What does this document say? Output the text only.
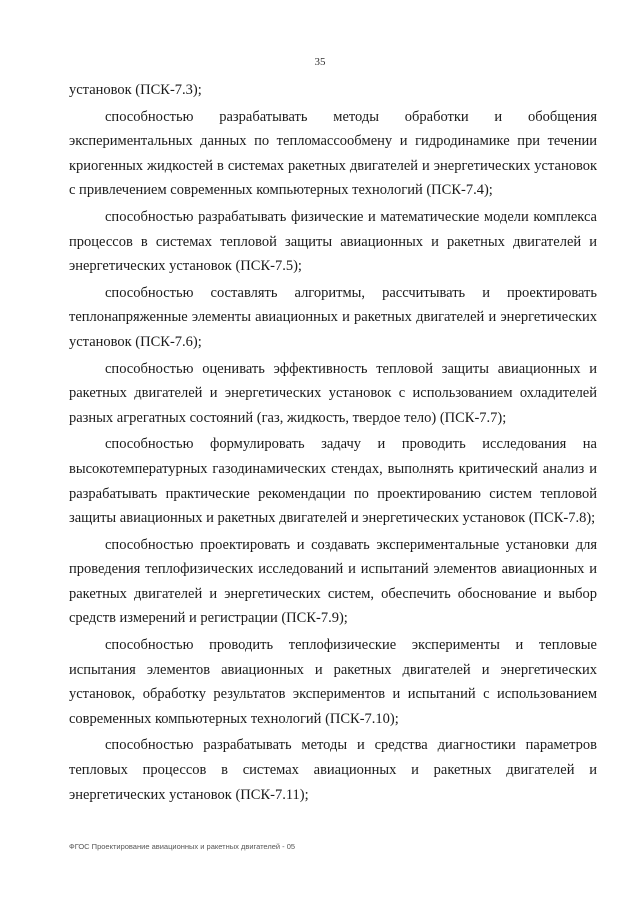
35

установок (ПСК-7.3);

способностью разрабатывать методы обработки и обобщения экспериментальных данных по тепломассообмену и гидродинамике при течении криогенных жидкостей в системах ракетных двигателей и энергетических установок с привлечением современных компьютерных технологий (ПСК-7.4);

способностью разрабатывать физические и математические модели комплекса процессов в системах тепловой защиты авиационных и ракетных двигателей и энергетических установок (ПСК-7.5);

способностью составлять алгоритмы, рассчитывать и проектировать теплонапряженные элементы авиационных и ракетных двигателей и энергетических установок (ПСК-7.6);

способностью оценивать эффективность тепловой защиты авиационных и ракетных двигателей и энергетических установок с использованием охладителей разных агрегатных состояний (газ, жидкость, твердое тело) (ПСК-7.7);

способностью формулировать задачу и проводить исследования на высокотемпературных газодинамических стендах, выполнять критический анализ и разрабатывать практические рекомендации по проектированию систем тепловой защиты авиационных и ракетных двигателей и энергетических установок (ПСК-7.8);

способностью проектировать и создавать экспериментальные установки для проведения теплофизических исследований и испытаний элементов авиационных и ракетных двигателей и энергетических систем, обеспечить обоснование и выбор средств измерений и регистрации (ПСК-7.9);

способностью проводить теплофизические эксперименты и тепловые испытания элементов авиационных и ракетных двигателей и энергетических установок, обработку результатов экспериментов и испытаний с использованием современных компьютерных технологий (ПСК-7.10);

способностью разрабатывать методы и средства диагностики параметров тепловых процессов в системах авиационных и ракетных двигателей и энергетических установок (ПСК-7.11);

ФГОС Проектирование авиационных и ракетных двигателей - 05
